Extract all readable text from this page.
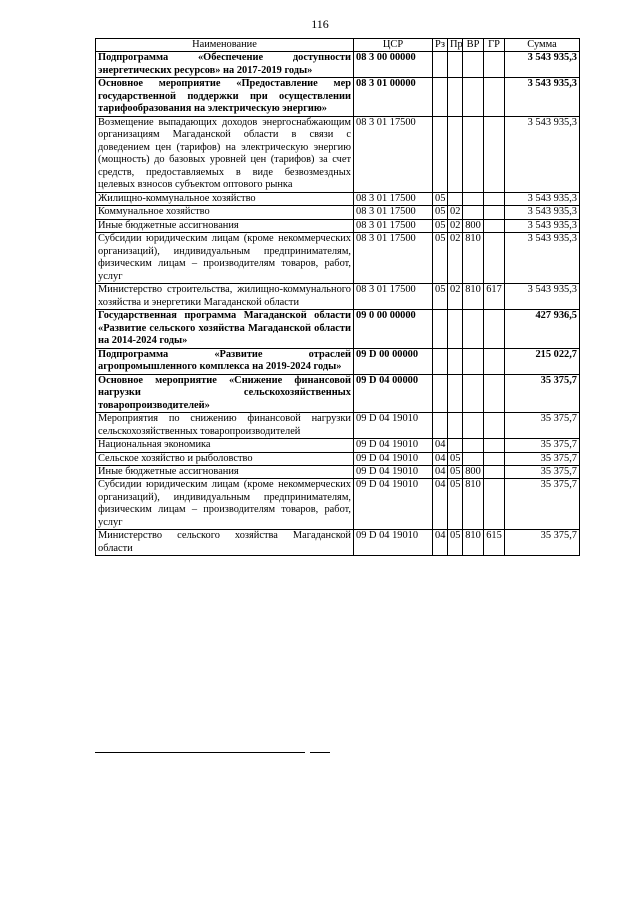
116
Наименование	ЦСР	Рз	Пр	ВР	ГР	Сумма
Подпрограмма «Обеспечение доступности энергетических ресурсов» на 2017-2019 годы»	08 3 00 00000					3 543 935,3
Основное мероприятие «Предоставление мер государственной поддержки при осуществлении тарифообразования на электрическую энергию»	08 3 01 00000					3 543 935,3
Возмещение выпадающих доходов энергоснабжающим организациям Магаданской области в связи с доведением цен (тарифов) на электрическую энергию (мощность) до базовых уровней цен (тарифов) за счет средств, предоставляемых в виде безвозмездных целевых взносов субъектом оптового рынка	08 3 01 17500					3 543 935,3
Жилищно-коммунальное хозяйство	08 3 01 17500	05				3 543 935,3
Коммунальное хозяйство	08 3 01 17500	05	02			3 543 935,3
Иные бюджетные ассигнования	08 3 01 17500	05	02	800		3 543 935,3
Субсидии юридическим лицам (кроме некоммерческих организаций), индивидуальным предпринимателям, физическим лицам – производителям товаров, работ, услуг	08 3 01 17500	05	02	810		3 543 935,3
Министерство строительства, жилищно-коммунального хозяйства и энергетики Магаданской области	08 3 01 17500	05	02	810	617	3 543 935,3
Государственная программа Магаданской области «Развитие сельского хозяйства Магаданской области на 2014-2024 годы»	09 0 00 00000					427 936,5
Подпрограмма «Развитие отраслей агропромышленного комплекса на 2019-2024 годы»	09 D 00 00000					215 022,7
Основное мероприятие «Снижение финансовой нагрузки сельскохозяйственных товаропроизводителей»	09 D 04 00000					35 375,7
Мероприятия по снижению финансовой нагрузки сельскохозяйственных товаропроизводителей	09 D 04 19010					35 375,7
Национальная экономика	09 D 04 19010	04				35 375,7
Сельское хозяйство и рыболовство	09 D 04 19010	04	05			35 375,7
Иные бюджетные ассигнования	09 D 04 19010	04	05	800		35 375,7
Субсидии юридическим лицам (кроме некоммерческих организаций), индивидуальным предпринимателям, физическим лицам – производителям товаров, работ, услуг	09 D 04 19010	04	05	810		35 375,7
Министерство сельского хозяйства Магаданской области	09 D 04 19010	04	05	810	615	35 375,7
